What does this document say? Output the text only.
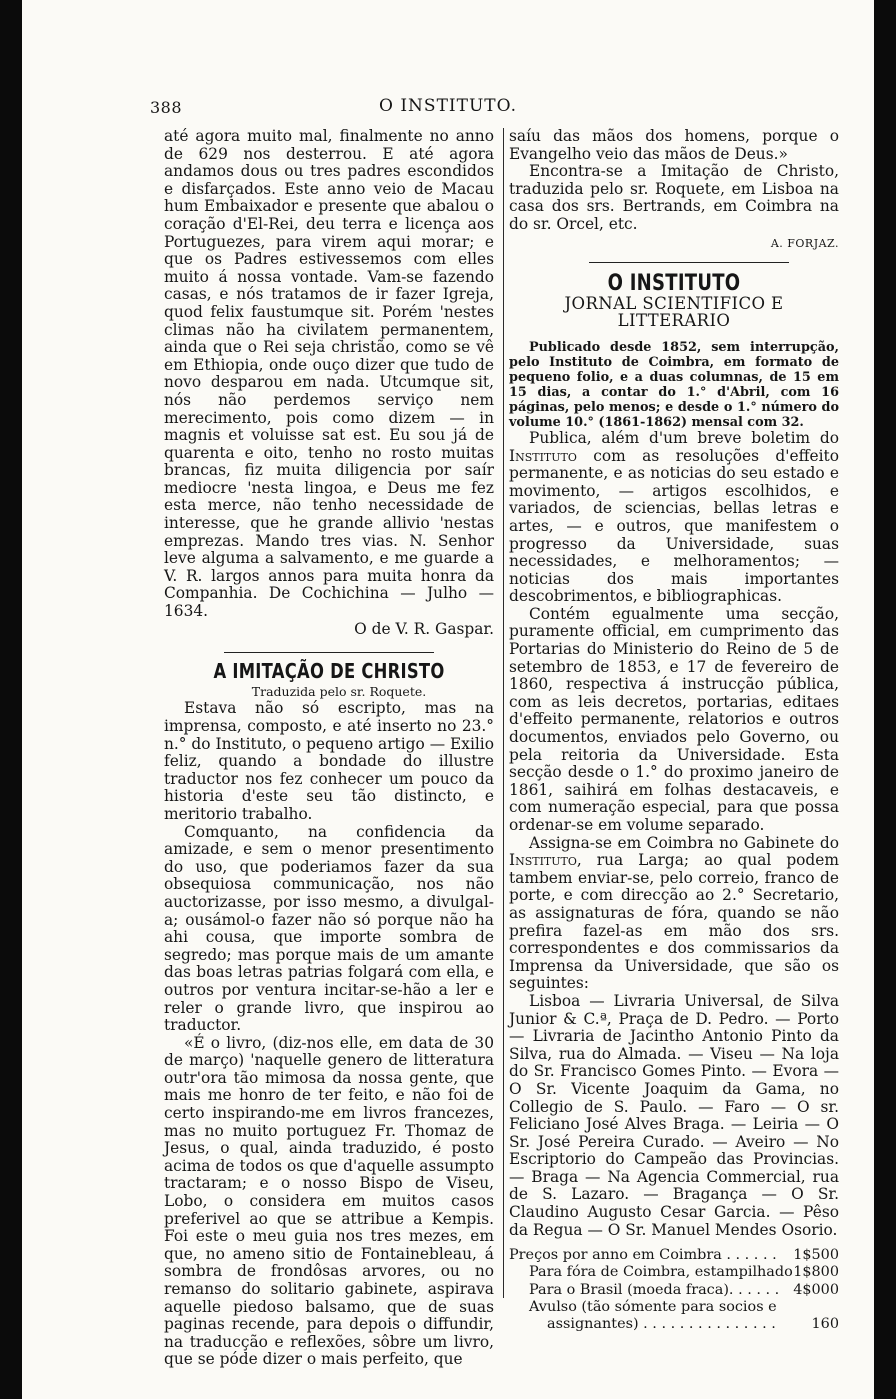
388	O INSTITUTO.

até agora muito mal, finalmente no anno de 629 nos desterrou. E até agora andamos dous ou tres padres escondidos e disfarçados. Este anno veio de Macau hum Embaixador e presente que abalou o coração d'El-Rei, deu terra e licença aos Portuguezes, para virem aqui morar; e que os Padres estivessemos com elles muito á nossa vontade. Vam-se fazendo casas, e nós tratamos de ir fazer Igreja, quod felix faustumque sit. Porém 'nestes climas não ha civilatem permanentem, ainda que o Rei seja christão, como se vê em Ethiopia, onde ouço dizer que tudo de novo desparou em nada. Utcumque sit, nós não perdemos serviço nem merecimento, pois como dizem — in magnis et voluisse sat est. Eu sou já de quarenta e oito, tenho no rosto muitas brancas, fiz muita diligencia por saír mediocre 'nesta lingoa, e Deus me fez esta merce, não tenho necessidade de interesse, que he grande allivio 'nestas emprezas. Mando tres vias. N. Senhor leve alguma a salvamento, e me guarde a V. R. largos annos para muita honra da Companhia. De Cochichina — Julho — 1634.

O de V. R. Gaspar.

A IMITAÇÃO DE CHRISTO

Traduzida pelo sr. Roquete.

Estava não só escripto, mas na imprensa, composto, e até inserto no 23.° n.° do Instituto, o pequeno artigo — Exilio feliz, quando a bondade do illustre traductor nos fez conhecer um pouco da historia d'este seu tão distincto, e meritorio trabalho.

Comquanto, na confidencia da amizade, e sem o menor presentimento do uso, que poderiamos fazer da sua obsequiosa communicação, nos não auctorizasse, por isso mesmo, a divulgal-a; ousámol-o fazer não só porque não ha ahi cousa, que importe sombra de segredo; mas porque mais de um amante das boas letras patrias folgará com ella, e outros por ventura incitar-se-hão a ler e reler o grande livro, que inspirou ao traductor.

«É o livro, (diz-nos elle, em data de 30 de março) 'naquelle genero de litteratura outr'ora tão mimosa da nossa gente, que mais me honro de ter feito, e não foi de certo inspirando-me em livros francezes, mas no muito portuguez Fr. Thomaz de Jesus, o qual, ainda traduzido, é posto acima de todos os que d'aquelle assumpto tractaram; e o nosso Bispo de Viseu, Lobo, o considera em muitos casos preferivel ao que se attribue a Kempis. Foi este o meu guia nos tres mezes, em que, no ameno sitio de Fontainebleau, á sombra de frondôsas arvores, ou no remanso do solitario gabinete, aspirava aquelle piedoso balsamo, que de suas paginas recende, para depois o diffundir, na traducção e reflexões, sôbre um livro, que se póde dizer o mais perfeito, que

saíu das mãos dos homens, porque o Evangelho veio das mãos de Deus.»

Encontra-se a Imitação de Christo, traduzida pelo sr. Roquete, em Lisboa na casa dos srs. Bertrands, em Coimbra na do sr. Orcel, etc.

A. FORJAZ.

O INSTITUTO
JORNAL SCIENTIFICO E LITTERARIO

Publicado desde 1852, sem interrupção, pelo Instituto de Coimbra, em formato de pequeno folio, e a duas columnas, de 15 em 15 dias, a contar do 1.° d'Abril, com 16 páginas, pelo menos; e desde o 1.° número do volume 10.° (1861-1862) mensal com 32.

Publica, além d'um breve boletim do Instituto com as resoluções d'effeito permanente, e as noticias do seu estado e movimento, — artigos escolhidos, e variados, de sciencias, bellas letras e artes, — e outros, que manifestem o progresso da Universidade, suas necessidades, e melhoramentos; — noticias dos mais importantes descobrimentos, e bibliographicas.

Contém egualmente uma secção, puramente official, em cumprimento das Portarias do Ministerio do Reino de 5 de setembro de 1853, e 17 de fevereiro de 1860, respectiva á instrucção pública, com as leis decretos, portarias, editaes d'effeito permanente, relatorios e outros documentos, enviados pelo Governo, ou pela reitoria da Universidade. Esta secção desde o 1.° do proximo janeiro de 1861, saihirá em folhas destacaveis, e com numeração especial, para que possa ordenar-se em volume separado.

Assigna-se em Coimbra no Gabinete do Instituto, rua Larga; ao qual podem tambem enviar-se, pelo correio, franco de porte, e com direcção ao 2.° Secretario, as assignaturas de fóra, quando se não prefira fazel-as em mão dos srs. correspondentes e dos commissarios da Imprensa da Universidade, que são os seguintes:

Lisboa — Livraria Universal, de Silva Junior & C.ª, Praça de D. Pedro. — Porto — Livraria de Jacintho Antonio Pinto da Silva, rua do Almada. — Viseu — Na loja do Sr. Francisco Gomes Pinto. — Evora — O Sr. Vicente Joaquim da Gama, no Collegio de S. Paulo. — Faro — O sr. Feliciano José Alves Braga. — Leiria — O Sr. José Pereira Curado. — Aveiro — No Escriptorio do Campeão das Provincias. — Braga — Na Agencia Commercial, rua de S. Lazaro. — Bragança — O Sr. Claudino Augusto Cesar Garcia. — Pêso da Regua — O Sr. Manuel Mendes Osorio.

Preços por anno em Coimbra . . . . . . 1$500
Para fóra de Coimbra, estampilhado 1$800
Para o Brasil (moeda fraca). . . . . . 4$000
Avulso (tão sómente para socios e
assignantes) . . . . . . . . . . . . . . . 160
